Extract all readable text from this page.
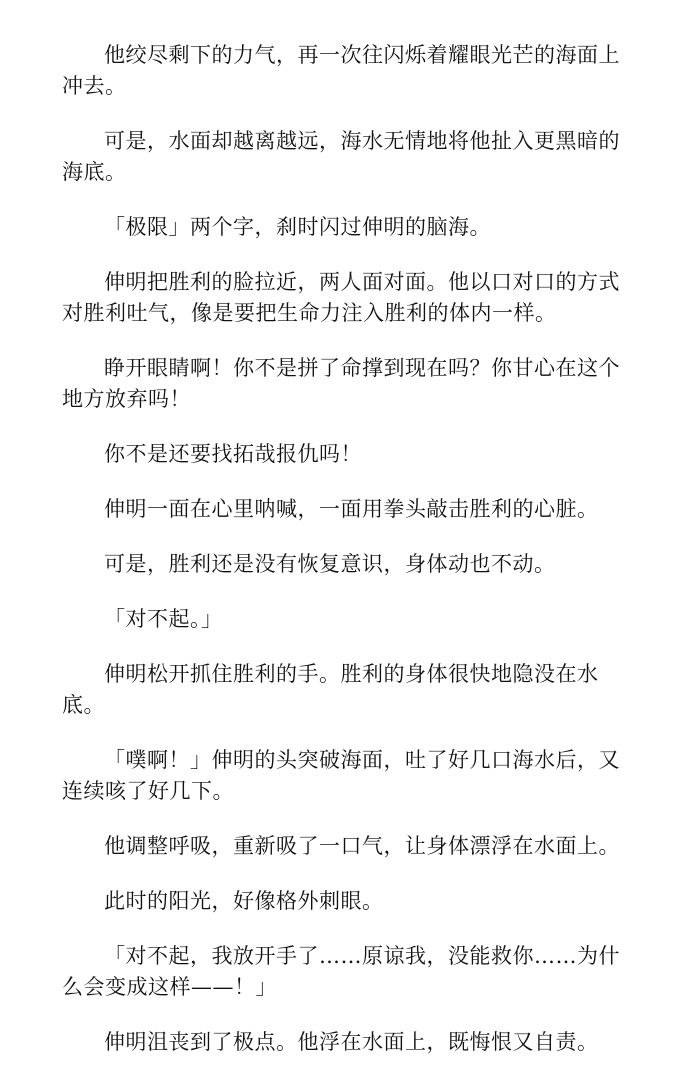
他绞尽剩下的力气，再一次往闪烁着耀眼光芒的海面上冲去。

可是，水面却越离越远，海水无情地将他扯入更黑暗的海底。

「极限」两个字，刹时闪过伸明的脑海。

伸明把胜利的脸拉近，两人面对面。他以口对口的方式对胜利吐气，像是要把生命力注入胜利的体内一样。

睁开眼睛啊！你不是拼了命撑到现在吗？你甘心在这个地方放弃吗！

你不是还要找拓哉报仇吗！

伸明一面在心里呐喊，一面用拳头敲击胜利的心脏。

可是，胜利还是没有恢复意识，身体动也不动。

「对不起。」

伸明松开抓住胜利的手。胜利的身体很快地隐没在水底。

「噗啊！」伸明的头突破海面，吐了好几口海水后，又连续咳了好几下。

他调整呼吸，重新吸了一口气，让身体漂浮在水面上。

此时的阳光，好像格外刺眼。

「对不起，我放开手了……原谅我，没能救你……为什么会变成这样——！」

伸明沮丧到了极点。他浮在水面上，既悔恨又自责。
